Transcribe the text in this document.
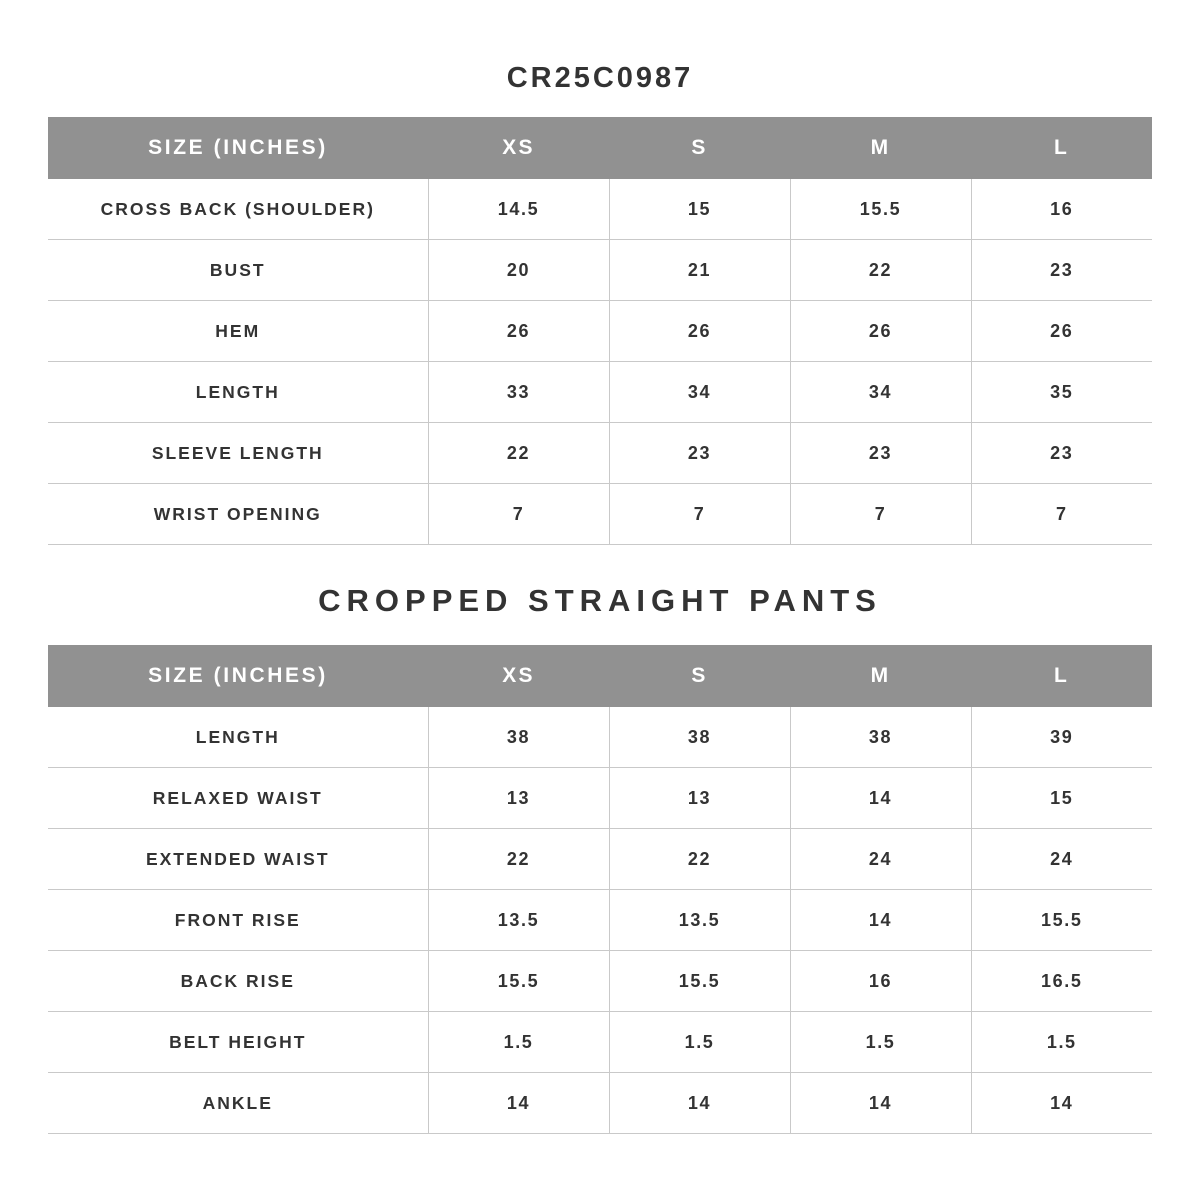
CR25C0987
SIZE (INCHES)	XS	S	M	L
CROSS BACK (SHOULDER)	14.5	15	15.5	16
BUST	20	21	22	23
HEM	26	26	26	26
LENGTH	33	34	34	35
SLEEVE LENGTH	22	23	23	23
WRIST OPENING	7	7	7	7
CROPPED STRAIGHT PANTS
SIZE (INCHES)	XS	S	M	L
LENGTH	38	38	38	39
RELAXED WAIST	13	13	14	15
EXTENDED WAIST	22	22	24	24
FRONT RISE	13.5	13.5	14	15.5
BACK RISE	15.5	15.5	16	16.5
BELT HEIGHT	1.5	1.5	1.5	1.5
ANKLE	14	14	14	14
